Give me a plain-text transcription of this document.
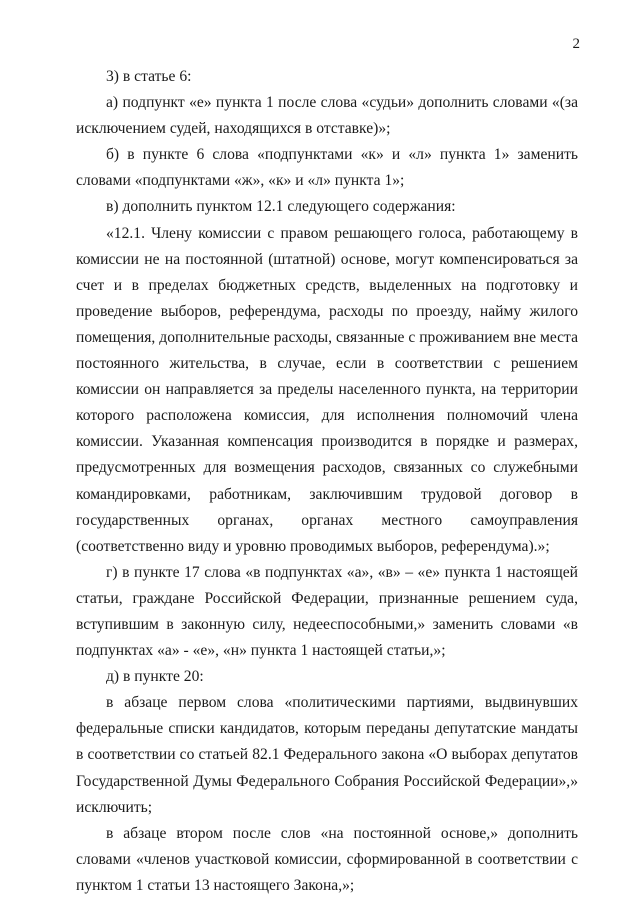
2

3) в статье 6:

а) подпункт «е» пункта 1 после слова «судьи» дополнить словами «(за исключением судей, находящихся в отставке)»;

б) в пункте 6 слова «подпунктами «к» и «л» пункта 1» заменить словами «подпунктами «ж», «к» и «л» пункта 1»;

в) дополнить пунктом 12.1 следующего содержания:

«12.1. Члену комиссии с правом решающего голоса, работающему в комиссии не на постоянной (штатной) основе, могут компенсироваться за счет и в пределах бюджетных средств, выделенных на подготовку и проведение выборов, референдума, расходы по проезду, найму жилого помещения, дополнительные расходы, связанные с проживанием вне места постоянного жительства, в случае, если в соответствии с решением комиссии он направляется за пределы населенного пункта, на территории которого расположена комиссия, для исполнения полномочий члена комиссии. Указанная компенсация производится в порядке и размерах, предусмотренных для возмещения расходов, связанных со служебными командировками, работникам, заключившим трудовой договор в государственных органах, органах местного самоуправления (соответственно виду и уровню проводимых выборов, референдума).»;

г) в пункте 17 слова «в подпунктах «а», «в» – «е» пункта 1 настоящей статьи, граждане Российской Федерации, признанные решением суда, вступившим в законную силу, недееспособными,» заменить словами «в подпунктах «а» - «е», «н» пункта 1 настоящей статьи,»;

д) в пункте 20:

в абзаце первом слова «политическими партиями, выдвинувших федеральные списки кандидатов, которым переданы депутатские мандаты в соответствии со статьей 82.1 Федерального закона «О выборах депутатов Государственной Думы Федерального Собрания Российской Федерации»,» исключить;

в абзаце втором после слов «на постоянной основе,» дополнить словами «членов участковой комиссии, сформированной в соответствии с пунктом 1 статьи 13 настоящего Закона,»;
